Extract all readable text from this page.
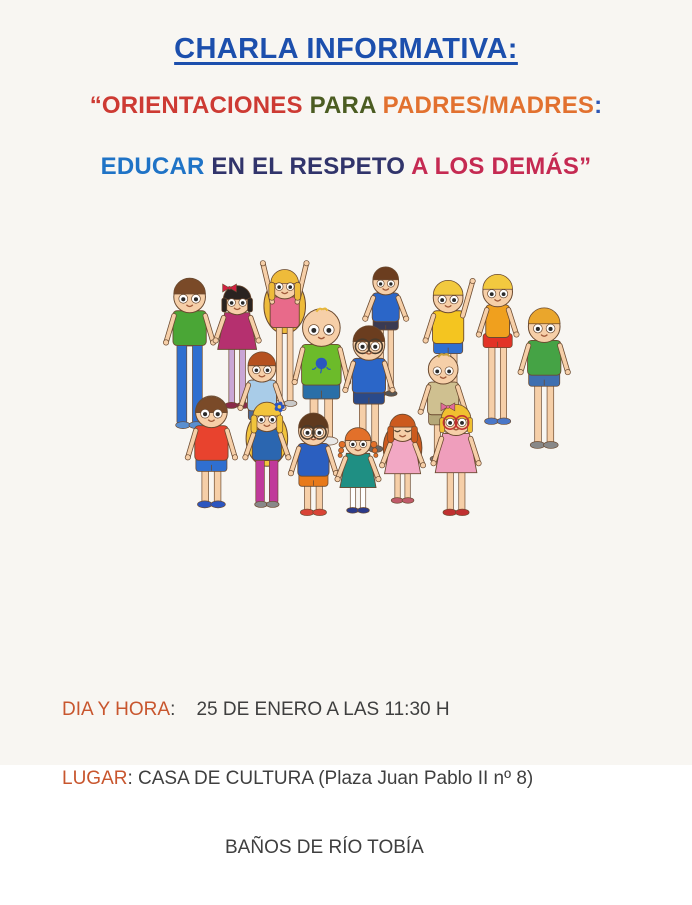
CHARLA INFORMATIVA:
“ORIENTACIONES PARA PADRES/MADRES:
EDUCAR EN EL RESPETO A LOS DEMÁS”

DIA Y HORA:    25 DE ENERO A LAS 11:30 H

LUGAR: CASA DE CULTURA (Plaza Juan Pablo II nº 8)

BAÑOS DE RÍO TOBÍA
